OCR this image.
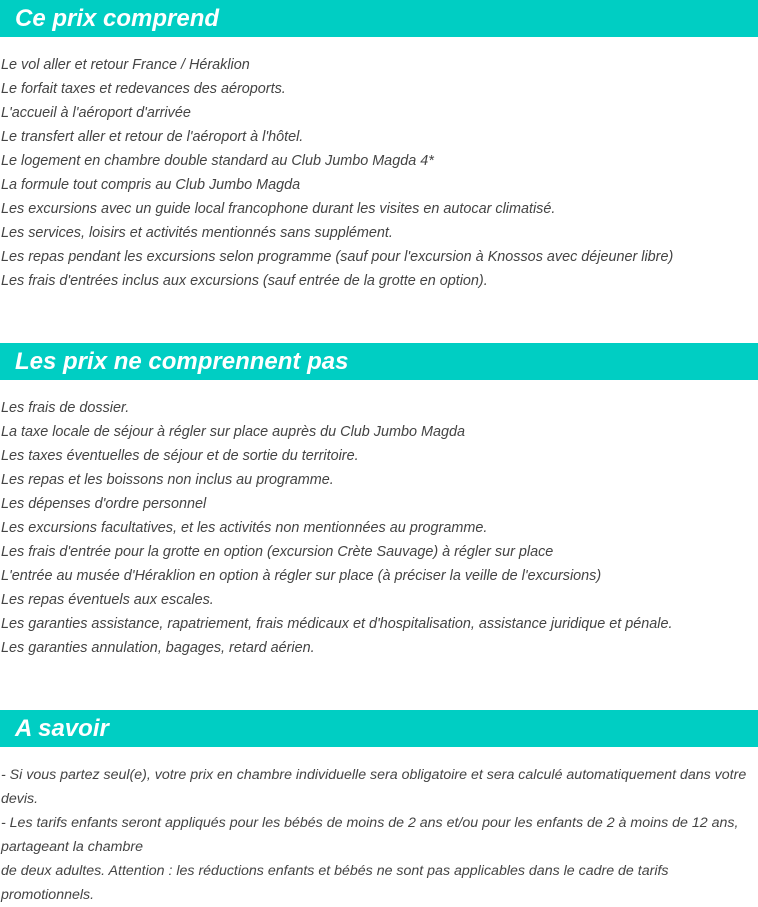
Ce prix comprend
Le vol aller et retour France / Héraklion
Le forfait taxes et redevances des aéroports.
L'accueil à l'aéroport d'arrivée
Le transfert aller et retour de l'aéroport à l'hôtel.
Le logement en chambre double standard au Club Jumbo Magda 4*
La formule tout compris au Club Jumbo Magda
Les excursions avec un guide local francophone durant les visites en autocar climatisé.
Les services, loisirs et activités mentionnés sans supplément.
Les repas pendant les excursions selon programme (sauf pour l'excursion à Knossos avec déjeuner libre)
Les frais d'entrées inclus aux excursions (sauf entrée de la grotte en option).
Les prix ne comprennent pas
Les frais de dossier.
La taxe locale de séjour à régler sur place auprès du Club Jumbo Magda
Les taxes éventuelles de séjour et de sortie du territoire.
Les repas et les boissons non inclus au programme.
Les dépenses d'ordre personnel
Les excursions facultatives, et les activités non mentionnées au programme.
Les frais d'entrée pour la grotte en option (excursion Crète Sauvage) à régler sur place
L'entrée au musée d'Héraklion en option à régler sur place (à préciser la veille de l'excursions)
Les repas éventuels aux escales.
Les garanties assistance, rapatriement, frais médicaux et d'hospitalisation, assistance juridique et pénale.
Les garanties annulation, bagages, retard aérien.
A savoir

- Si vous partez seul(e), votre prix en chambre individuelle sera obligatoire et sera calculé automatiquement dans votre devis.
- Les tarifs enfants seront appliqués pour les bébés de moins de 2 ans et/ou pour les enfants de 2 à moins de 12 ans, partageant la chambre
de deux adultes. Attention : les réductions enfants et bébés ne sont pas applicables dans le cadre de tarifs promotionnels.
